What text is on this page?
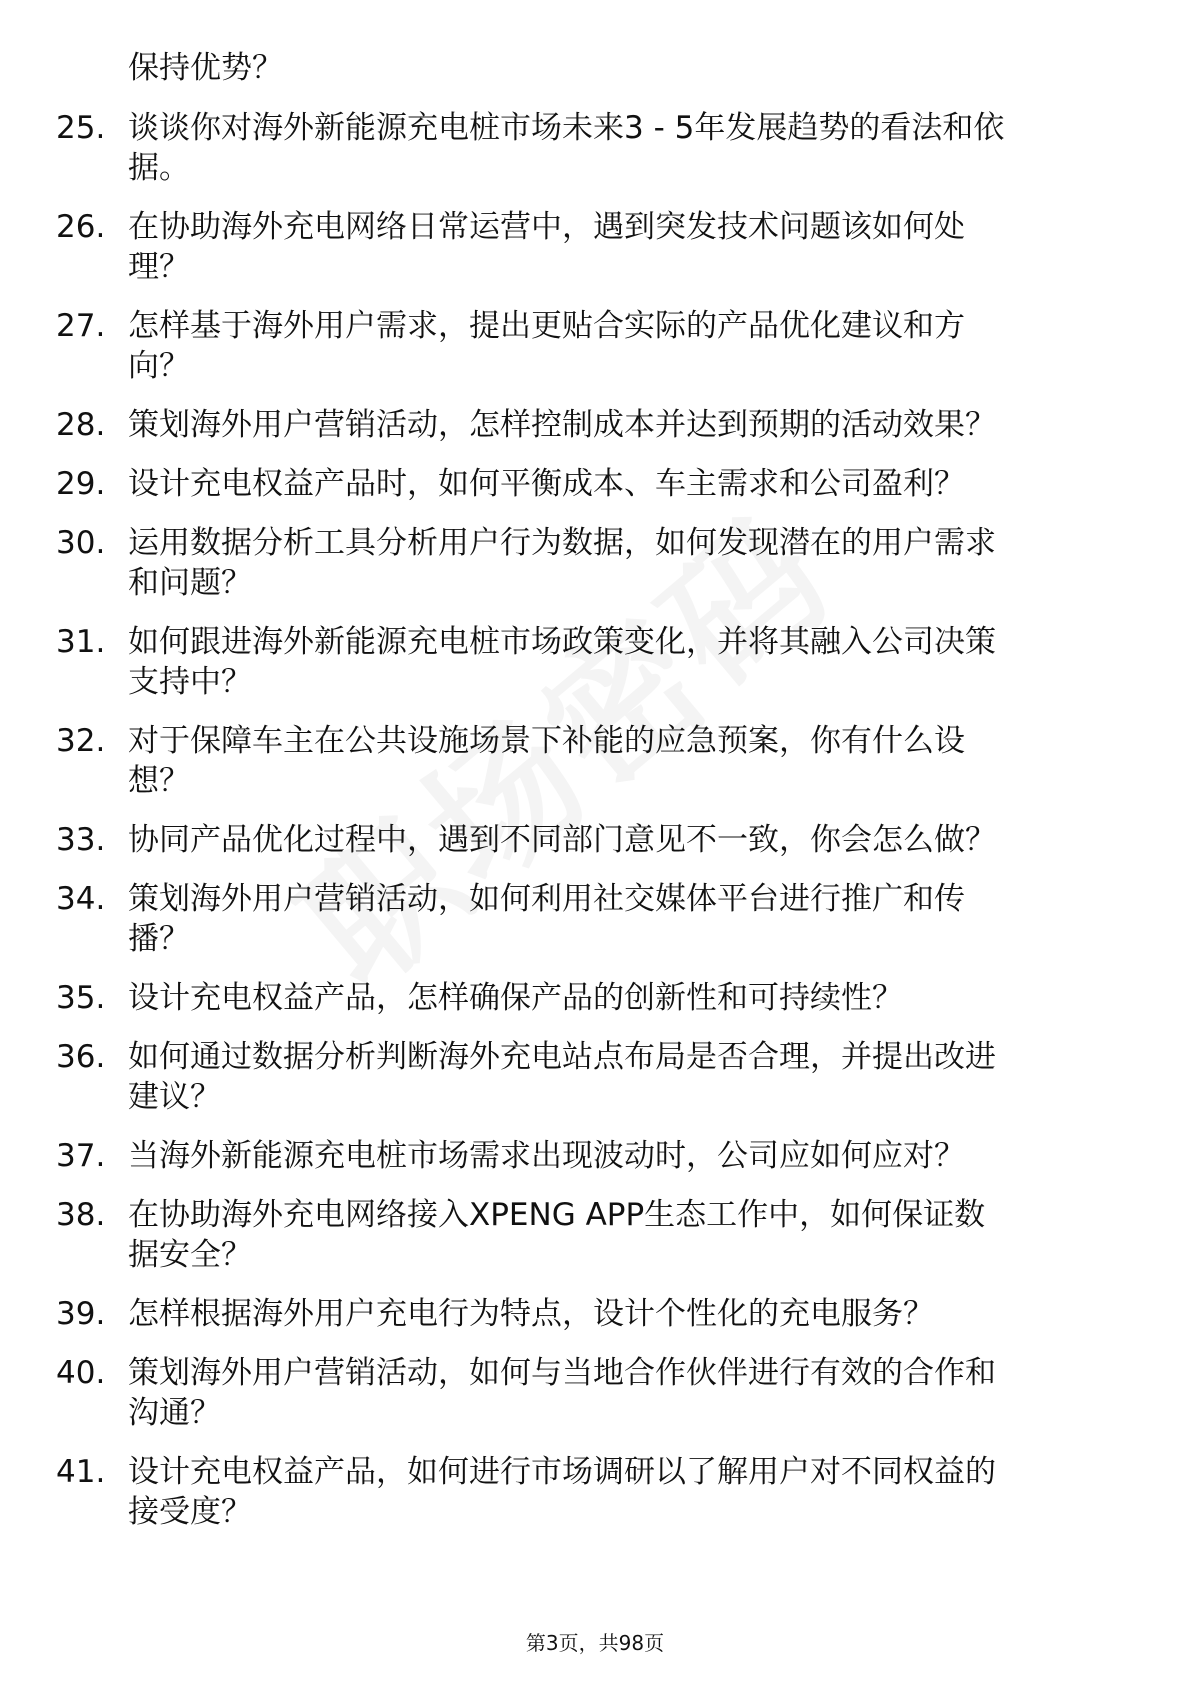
保持优势？

25. 谈谈你对海外新能源充电桩市场未来3 - 5年发展趋势的看法和依
据。
26. 在协助海外充电网络日常运营中，遇到突发技术问题该如何处
理？
27. 怎样基于海外用户需求，提出更贴合实际的产品优化建议和方
向？
28. 策划海外用户营销活动，怎样控制成本并达到预期的活动效果？
29. 设计充电权益产品时，如何平衡成本、车主需求和公司盈利？
30. 运用数据分析工具分析用户行为数据，如何发现潜在的用户需求
和问题？
31. 如何跟进海外新能源充电桩市场政策变化，并将其融入公司决策
支持中？
32. 对于保障车主在公共设施场景下补能的应急预案，你有什么设
想？
33. 协同产品优化过程中，遇到不同部门意见不一致，你会怎么做？
34. 策划海外用户营销活动，如何利用社交媒体平台进行推广和传
播？
35. 设计充电权益产品，怎样确保产品的创新性和可持续性？
36. 如何通过数据分析判断海外充电站点布局是否合理，并提出改进
建议？
37. 当海外新能源充电桩市场需求出现波动时，公司应如何应对？
38. 在协助海外充电网络接入XPENG APP生态工作中，如何保证数
据安全？
39. 怎样根据海外用户充电行为特点，设计个性化的充电服务？
40. 策划海外用户营销活动，如何与当地合作伙伴进行有效的合作和
沟通？
41. 设计充电权益产品，如何进行市场调研以了解用户对不同权益的
接受度？
第3页，共98页
